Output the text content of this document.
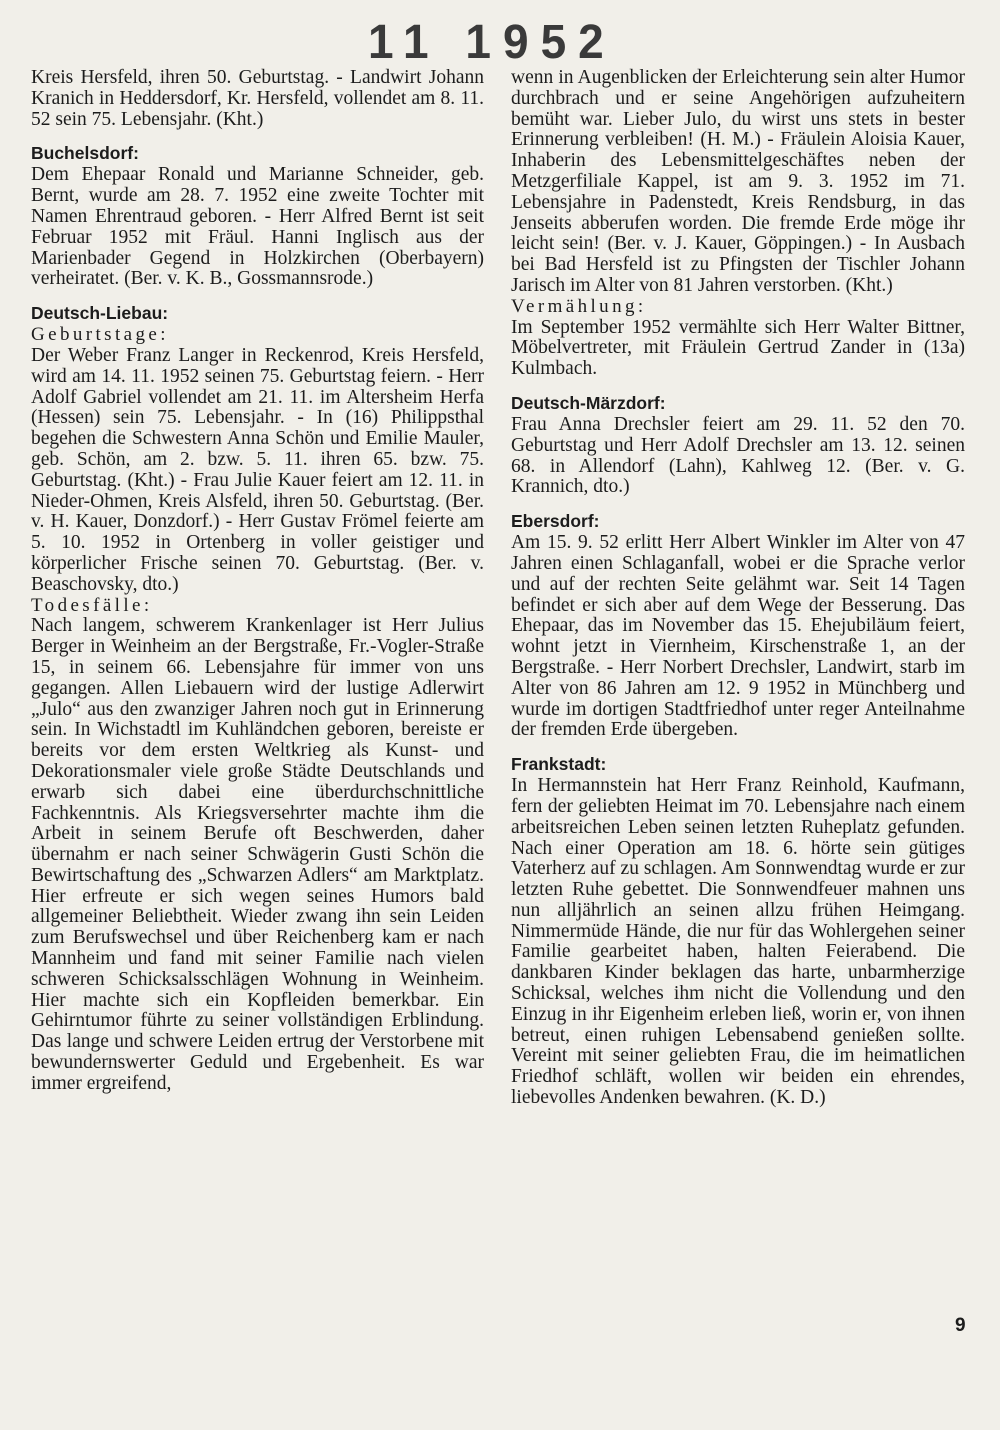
11 1952

Kreis Hersfeld, ihren 50. Geburtstag. - Landwirt Johann Kranich in Heddersdorf, Kr. Hersfeld, vollendet am 8. 11. 52 sein 75. Lebensjahr. (Kht.)

Buchelsdorf:

Dem Ehepaar Ronald und Marianne Schneider, geb. Bernt, wurde am 28. 7. 1952 eine zweite Tochter mit Namen Ehrentraud geboren. - Herr Alfred Bernt ist seit Februar 1952 mit Fräul. Hanni Inglisch aus der Marienbader Gegend in Holzkirchen (Oberbayern) verheiratet. (Ber. v. K. B., Gossmannsrode.)

Deutsch-Liebau:
Geburtstage:

Der Weber Franz Langer in Reckenrod, Kreis Hersfeld, wird am 14. 11. 1952 seinen 75. Geburtstag feiern. - Herr Adolf Gabriel vollendet am 21. 11. im Altersheim Herfa (Hessen) sein 75. Lebensjahr. - In (16) Philippsthal begehen die Schwestern Anna Schön und Emilie Mauler, geb. Schön, am 2. bzw. 5. 11. ihren 65. bzw. 75. Geburtstag. (Kht.) - Frau Julie Kauer feiert am 12. 11. in Nieder-Ohmen, Kreis Alsfeld, ihren 50. Geburtstag. (Ber. v. H. Kauer, Donzdorf.) - Herr Gustav Frömel feierte am 5. 10. 1952 in Ortenberg in voller geistiger und körperlicher Frische seinen 70. Geburtstag. (Ber. v. Beaschovsky, dto.)

Todesfälle:

Nach langem, schwerem Krankenlager ist Herr Julius Berger in Weinheim an der Bergstraße, Fr.-Vogler-Straße 15, in seinem 66. Lebensjahre für immer von uns gegangen. Allen Liebauern wird der lustige Adlerwirt „Julo“ aus den zwanziger Jahren noch gut in Erinnerung sein. In Wichstadtl im Kuhländchen geboren, bereiste er bereits vor dem ersten Weltkrieg als Kunst- und Dekorationsmaler viele große Städte Deutschlands und erwarb sich dabei eine überdurchschnittliche Fachkenntnis. Als Kriegsversehrter machte ihm die Arbeit in seinem Berufe oft Beschwerden, daher übernahm er nach seiner Schwägerin Gusti Schön die Bewirtschaftung des „Schwarzen Adlers“ am Marktplatz. Hier erfreute er sich wegen seines Humors bald allgemeiner Beliebtheit. Wieder zwang ihn sein Leiden zum Berufswechsel und über Reichenberg kam er nach Mannheim und fand mit seiner Familie nach vielen schweren Schicksalsschlägen Wohnung in Weinheim. Hier machte sich ein Kopfleiden bemerkbar. Ein Gehirntumor führte zu seiner vollständigen Erblindung. Das lange und schwere Leiden ertrug der Verstorbene mit bewundernswerter Geduld und Ergebenheit. Es war immer ergreifend,

wenn in Augenblicken der Erleichterung sein alter Humor durchbrach und er seine Angehörigen aufzuheitern bemüht war. Lieber Julo, du wirst uns stets in bester Erinnerung verbleiben! (H. M.) - Fräulein Aloisia Kauer, Inhaberin des Lebensmittelgeschäftes neben der Metzgerfiliale Kappel, ist am 9. 3. 1952 im 71. Lebensjahre in Padenstedt, Kreis Rendsburg, in das Jenseits abberufen worden. Die fremde Erde möge ihr leicht sein! (Ber. v. J. Kauer, Göppingen.) - In Ausbach bei Bad Hersfeld ist zu Pfingsten der Tischler Johann Jarisch im Alter von 81 Jahren verstorben. (Kht.)

Vermählung:

Im September 1952 vermählte sich Herr Walter Bittner, Möbelvertreter, mit Fräulein Gertrud Zander in (13a) Kulmbach.

Deutsch-Märzdorf:

Frau Anna Drechsler feiert am 29. 11. 52 den 70. Geburtstag und Herr Adolf Drechsler am 13. 12. seinen 68. in Allendorf (Lahn), Kahlweg 12. (Ber. v. G. Krannich, dto.)

Ebersdorf:

Am 15. 9. 52 erlitt Herr Albert Winkler im Alter von 47 Jahren einen Schlaganfall, wobei er die Sprache verlor und auf der rechten Seite gelähmt war. Seit 14 Tagen befindet er sich aber auf dem Wege der Besserung. Das Ehepaar, das im November das 15. Ehejubiläum feiert, wohnt jetzt in Viernheim, Kirschenstraße 1, an der Bergstraße. - Herr Norbert Drechsler, Landwirt, starb im Alter von 86 Jahren am 12. 9 1952 in Münchberg und wurde im dortigen Stadtfriedhof unter reger Anteilnahme der fremden Erde übergeben.

Frankstadt:

In Hermannstein hat Herr Franz Reinhold, Kaufmann, fern der geliebten Heimat im 70. Lebensjahre nach einem arbeitsreichen Leben seinen letzten Ruheplatz gefunden. Nach einer Operation am 18. 6. hörte sein gütiges Vaterherz auf zu schlagen. Am Sonnwendtag wurde er zur letzten Ruhe gebettet. Die Sonnwendfeuer mahnen uns nun alljährlich an seinen allzu frühen Heimgang. Nimmermüde Hände, die nur für das Wohlergehen seiner Familie gearbeitet haben, halten Feierabend. Die dankbaren Kinder beklagen das harte, unbarmherzige Schicksal, welches ihm nicht die Vollendung und den Einzug in ihr Eigenheim erleben ließ, worin er, von ihnen betreut, einen ruhigen Lebensabend genießen sollte. Vereint mit seiner geliebten Frau, die im heimatlichen Friedhof schläft, wollen wir beiden ein ehrendes, liebevolles Andenken bewahren. (K. D.)

9
